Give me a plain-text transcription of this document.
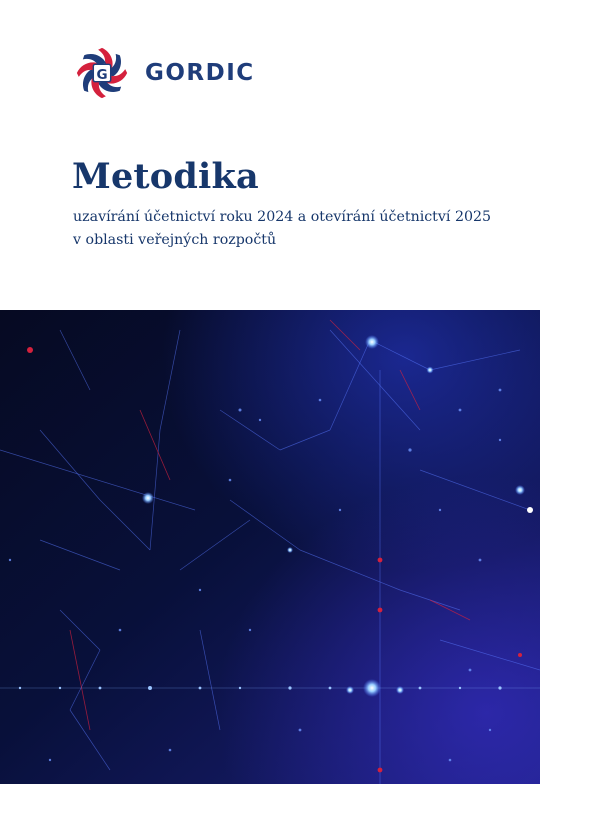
G GORDIC
Metodika
uzavírání účetnictví roku 2024 a otevírání účetnictví 2025
v oblasti veřejných rozpočtů
